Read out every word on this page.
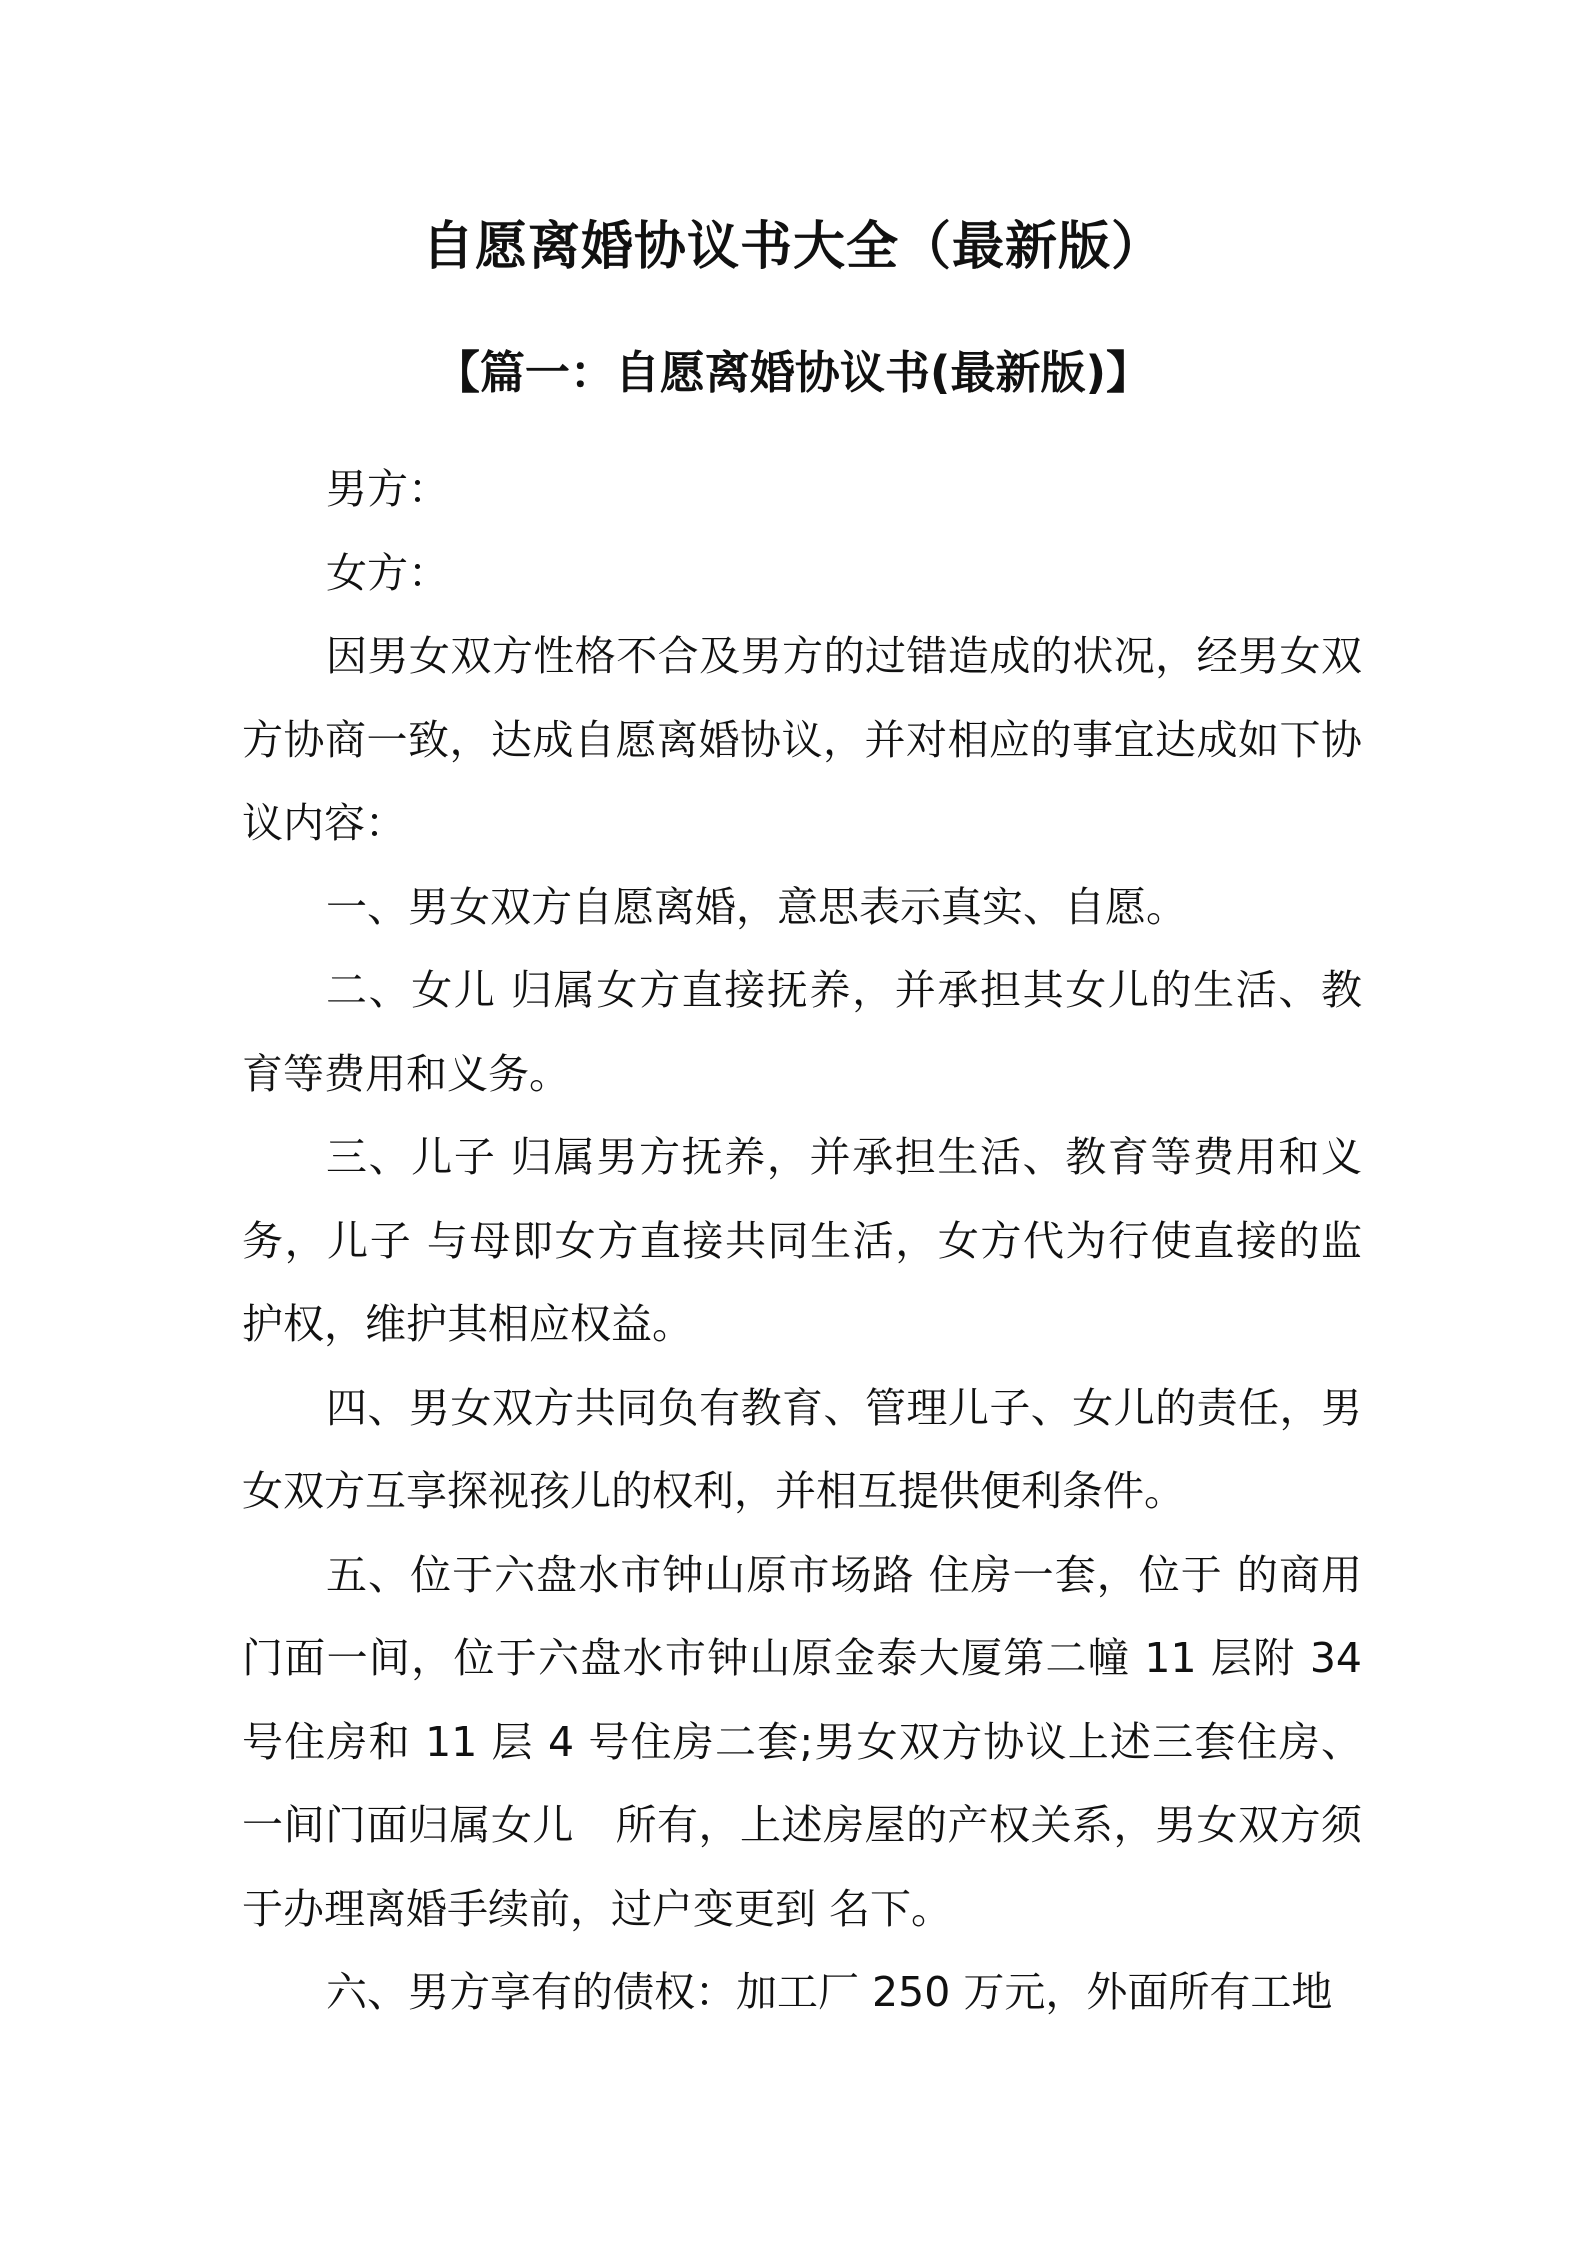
自愿离婚协议书大全（最新版）
【篇一：自愿离婚协议书(最新版)】

男方：

女方：

因男女双方性格不合及男方的过错造成的状况，经男女双方协商一致，达成自愿离婚协议，并对相应的事宜达成如下协议内容：

一、男女双方自愿离婚，意思表示真实、自愿。

二、女儿 归属女方直接抚养，并承担其女儿的生活、教育等费用和义务。

三、儿子 归属男方抚养，并承担生活、教育等费用和义务，儿子 与母即女方直接共同生活，女方代为行使直接的监护权，维护其相应权益。

四、男女双方共同负有教育、管理儿子、女儿的责任，男女双方互享探视孩儿的权利，并相互提供便利条件。

五、位于六盘水市钟山原市场路 住房一套，位于 的商用门面一间，位于六盘水市钟山原金泰大厦第二幢 11 层附 34 号住房和 11 层 4 号住房二套;男女双方协议上述三套住房、一间门面归属女儿　所有，上述房屋的产权关系，男女双方须于办理离婚手续前，过户变更到 名下。

六、男方享有的债权：加工厂 250 万元，外面所有工地
